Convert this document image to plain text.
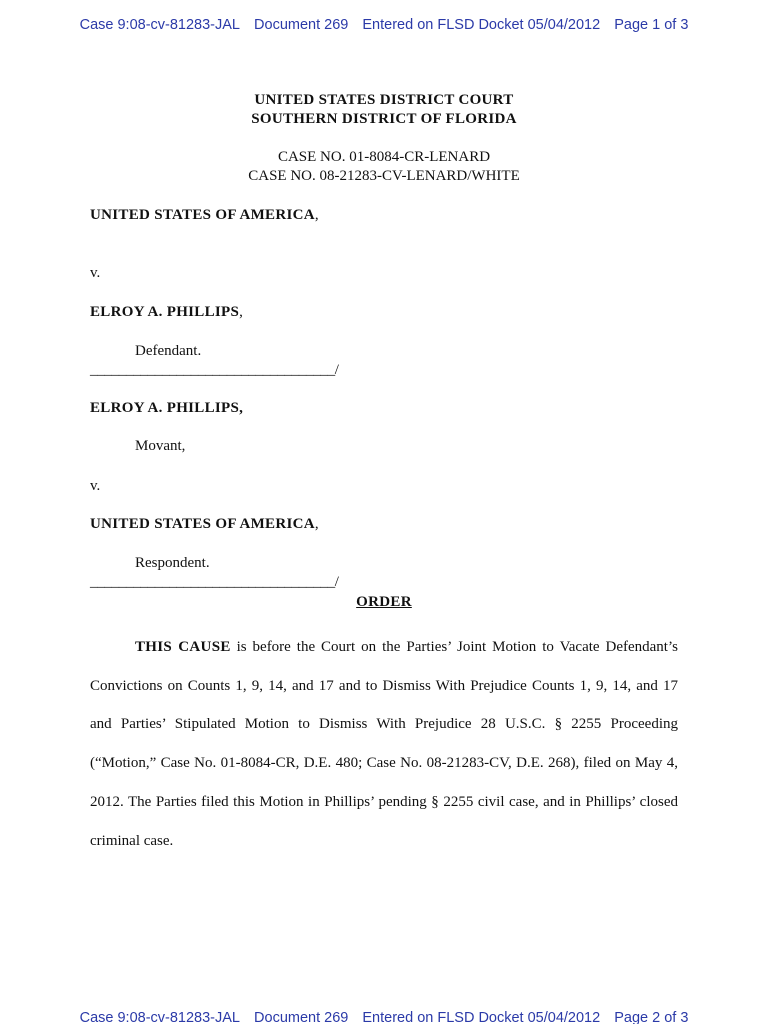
Case 9:08-cv-81283-JAL Document 269 Entered on FLSD Docket 05/04/2012 Page 1 of 3
UNITED STATES DISTRICT COURT
SOUTHERN DISTRICT OF FLORIDA
CASE NO. 01-8084-CR-LENARD
CASE NO. 08-21283-CV-LENARD/WHITE
UNITED STATES OF AMERICA,
v.
ELROY A. PHILLIPS,
Defendant.
__________________________________/
ELROY A. PHILLIPS,
Movant,
v.
UNITED STATES OF AMERICA,
Respondent.
__________________________________/
ORDER
THIS CAUSE is before the Court on the Parties’ Joint Motion to Vacate Defendant’s Convictions on Counts 1, 9, 14, and 17 and to Dismiss With Prejudice Counts 1, 9, 14, and 17 and Parties’ Stipulated Motion to Dismiss With Prejudice 28 U.S.C. § 2255 Proceeding (“Motion,” Case No. 01-8084-CR, D.E. 480; Case No. 08-21283-CV, D.E. 268), filed on May 4, 2012. The Parties filed this Motion in Phillips’ pending § 2255 civil case, and in Phillips’ closed criminal case.
Case 9:08-cv-81283-JAL Document 269 Entered on FLSD Docket 05/04/2012 Page 2 of 3
